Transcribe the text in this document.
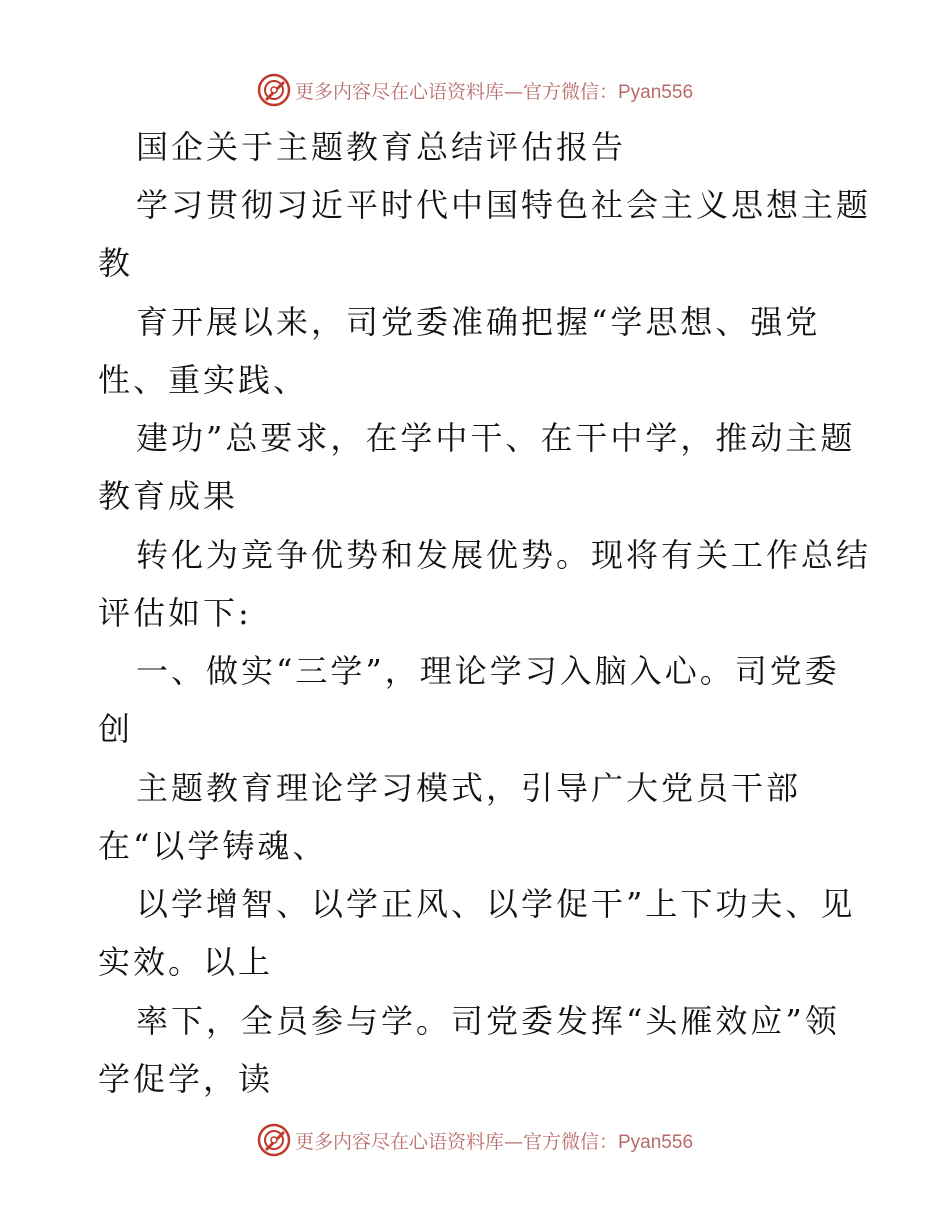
更多内容尽在心语资料库—官方微信：Pyan556
国企关于主题教育总结评估报告
学习贯彻习近平时代中国特色社会主义思想主题
教
育开展以来，司党委准确把握“学思想、强党
性、重实践、
建功”总要求，在学中干、在干中学，推动主题
教育成果
转化为竞争优势和发展优势。现将有关工作总结
评估如下:
一、做实“三学”，理论学习入脑入心。司党委
创
主题教育理论学习模式，引导广大党员干部
在“以学铸魂、
以学增智、以学正风、以学促干”上下功夫、见
实效。以上
率下，全员参与学。司党委发挥“头雁效应”领
学促学，读
更多内容尽在心语资料库—官方微信：Pyan556
